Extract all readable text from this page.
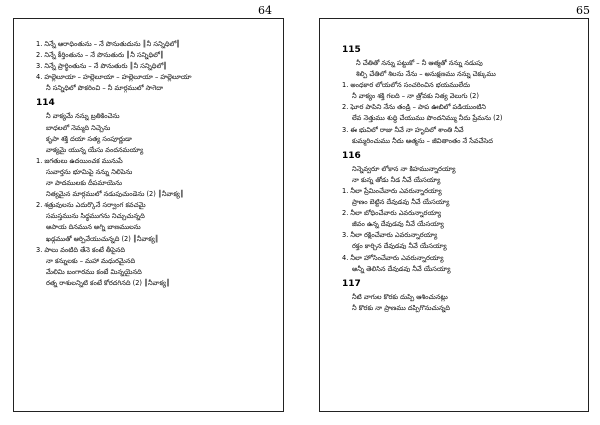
64	65
1. నిన్నే ఆరాధింతును – నే పొనుతుదును ║నీ సన్నిధిలో║
2. నిన్నే కీర్తింతును – నే పొనుతురు ║నీ సన్నిధిలో║
3. నిన్నే ప్రార్థింతును – నే పొనుతురు ║నీ సన్నిధిలో║
4. హల్లెలూయా – హల్లెలూయా – హల్లెలూయా – హల్లెలూయా
నీ సన్నిధిలో పొకరించి – నీ మార్గములో సాగెదా
114
నీ వాక్యమే నన్ను బ్రతికించెను
బాధలలో నెమ్మది నిచ్చెను
కృపా శక్తి దయా సత్య సంపూర్ణుడా
వాక్యమై యున్న యేసు వందనమయ్యా
1. జగతులు ఉదయించక మునుపే
సువార్తను భూమిపై నన్ను నిలిపెను
నా పాదములకు దీపమాయెను
నిత్యమైన మార్గములో నడుపుచుండెను (2) ║నీవాక్య║
2. శత్రువులను ఎదుర్కొనే సర్వాంగ కవచమై
సమస్తమును సిద్ధముగను నిచ్చుచున్నది
అపాయ దినమున అగ్ని బాణములను
ఖడ్గముతో ఆర్పివేయుచున్నది (2) ║నీవాక్య║
3. పాలు వంటిది తేనె కంటే తీపైనది
నా కన్నులకు – మహా మధురమైనది
మేలిమి బంగారము కంటే మిన్నయైనది
రత్న రాశులన్నిటి కంటే కోరదగినది (2) ║నీవాక్య║
115
నీ చేతితో నన్ను పట్టుకో – నీ ఆత్మతో నన్ను నడుపు
శిల్పి చేతిలో శిలను నేను – అనుక్షణము నన్ను చెక్కుము
1. అంధకార లోయలోన సంచరించిన భయములేదు
నీ వాక్యం శక్తి గలది – నా త్రోవకు నిత్య వెలుగు (2)
2. ఘోర పాపిని నేను తండ్రి – పాప ఊబిలో పడియుంటిని
లేవ నెత్తుము శుద్ధి చేయుము పొందనిమ్ము నీదు ప్రేమను (2)
3. ఈ భువిలో రాజు నీవే నా హృదిలో శాంతి నీవే
కుమ్మరించుము నీదు ఆత్మను – జీవితాంతం నే సేవచేసెద
116
నిన్నెవ్వరూ లోకాన నా కిహమున్నారయ్యా
నా కున్న తోడు నీడ నీవే యేసయ్యా
1. నీలా ప్రేమించేవారు ఎవరున్నారయ్యా
ప్రాణం బెట్టిన దేవుడవు నీవే యేసయ్యా
2. నీలా బోధించేవారు ఎవరున్నారయ్యా
జీవం ఉన్న దేవుడవు నీవే యేసయ్యా
3. నీలా రక్షించేవారు ఎవరున్నారయ్యా
రక్తం కార్చిన దేవుడవు నీవే యేసయ్యా
4. నీలా హోసించేవారు ఎవరున్నారయ్యా
అన్నీ తెలిసిన దేవుడవు నీవే యేసయ్యా
117
నీటి వాగుల కొరకు దుప్పి ఆశించునట్లు
నీ కొరకు నా ప్రాణము దప్పిగొనుచున్నది
